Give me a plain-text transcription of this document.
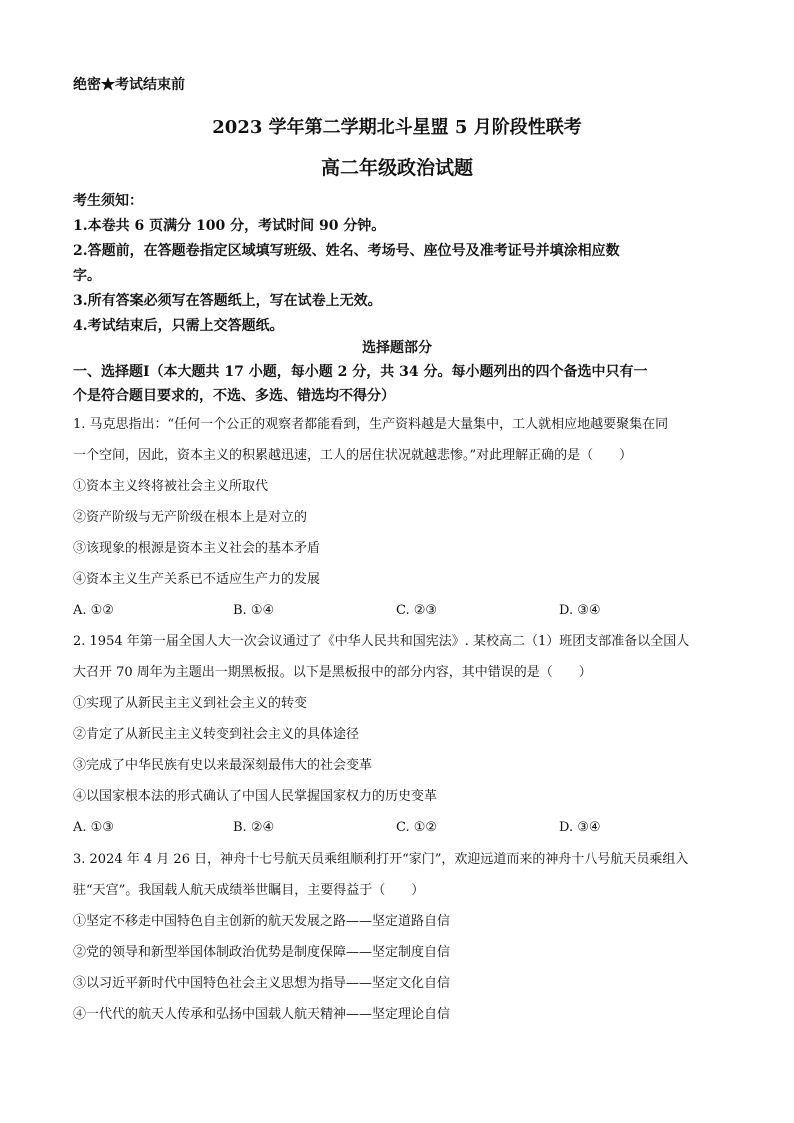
绝密★考试结束前
2023 学年第二学期北斗星盟 5 月阶段性联考
高二年级政治试题
考生须知：
1.本卷共 6 页满分 100 分，考试时间 90 分钟。
2.答题前，在答题卷指定区域填写班级、姓名、考场号、座位号及准考证号并填涂相应数
字。
3.所有答案必须写在答题纸上，写在试卷上无效。
4.考试结束后，只需上交答题纸。
选择题部分
一、选择题Ⅰ（本大题共 17 小题，每小题 2 分，共 34 分。每小题列出的四个备选中只有一
个是符合题目要求的，不选、多选、错选均不得分）
1. 马克思指出：“任何一个公正的观察者都能看到，生产资料越是大量集中，工人就相应地越要聚集在同
一个空间，因此，资本主义的积累越迅速，工人的居住状况就越悲惨。”对此理解正确的是（　　）
①资本主义终将被社会主义所取代
②资产阶级与无产阶级在根本上是对立的
③该现象的根源是资本主义社会的基本矛盾
④资本主义生产关系已不适应生产力的发展
A. ①②	B. ①④	C. ②③	D. ③④
2. 1954 年第一届全国人大一次会议通过了《中华人民共和国宪法》. 某校高二（1）班团支部准备以全国人
大召开 70 周年为主题出一期黑板报。以下是黑板报中的部分内容，其中错误的是（　　）
①实现了从新民主主义到社会主义的转变
②肯定了从新民主主义转变到社会主义的具体途径
③完成了中华民族有史以来最深刻最伟大的社会变革
④以国家根本法的形式确认了中国人民掌握国家权力的历史变革
A. ①③	B. ②④	C. ①②	D. ③④
3. 2024 年 4 月 26 日，神舟十七号航天员乘组顺利打开“家门”，欢迎远道而来的神舟十八号航天员乘组入
驻“天宫”。我国载人航天成绩举世瞩目，主要得益于（　　）
①坚定不移走中国特色自主创新的航天发展之路——坚定道路自信
②党的领导和新型举国体制政治优势是制度保障——坚定制度自信
③以习近平新时代中国特色社会主义思想为指导——坚定文化自信
④一代代的航天人传承和弘扬中国载人航天精神——坚定理论自信
